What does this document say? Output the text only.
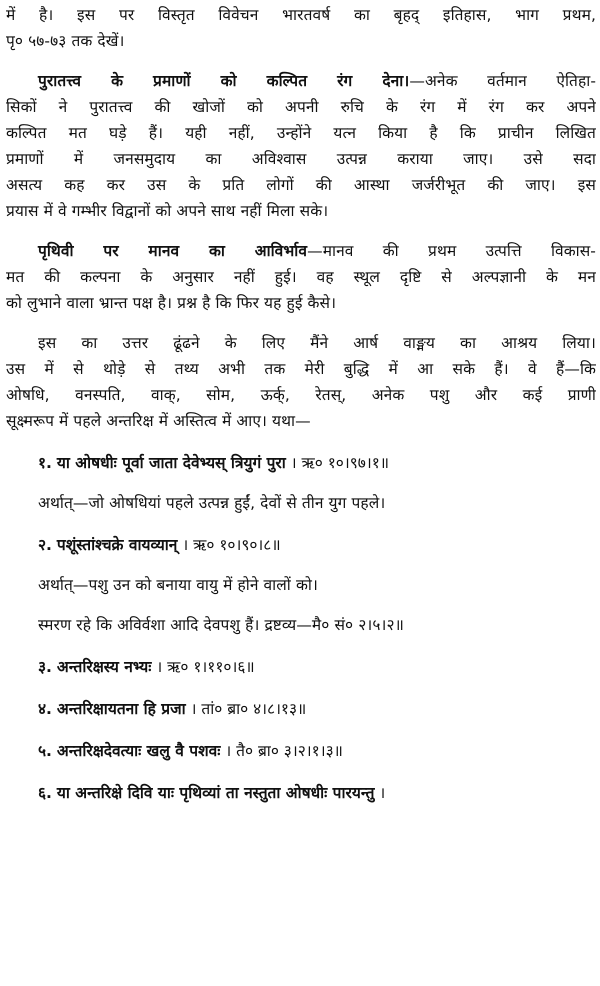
में है। इस पर विस्तृत विवेचन भारतवर्ष का बृहद्‌ इतिहास, भाग प्रथम,
पृ० ५७-७३ तक देखें।
पुरातत्त्व के प्रमाणों को कल्पित रंग देना।—अनेक वर्तमान ऐतिहा-
सिकों ने पुरातत्त्व की खोजों को अपनी रुचि के रंग में रंग कर अपने
कल्पित मत घड़े हैं। यही नहीं, उन्होंने यत्न किया है कि प्राचीन लिखित
प्रमाणों में जनसमुदाय का अविश्वास उत्पन्न कराया जाए। उसे सदा
असत्य कह कर उस के प्रति लोगों की आस्था जर्जरीभूत की जाए। इस
प्रयास में वे गम्भीर विद्वानों को अपने साथ नहीं मिला सके।
पृथिवी पर मानव का आविर्भाव—मानव की प्रथम उत्पत्ति विकास-
मत की कल्पना के अनुसार नहीं हुई। वह स्थूल दृष्टि से अल्पज्ञानी के मन
को लुभाने वाला भ्रान्त पक्ष है। प्रश्न है कि फिर यह हुई कैसे।
इस का उत्तर ढूंढने के लिए मैंने आर्ष वाङ्मय का आश्रय लिया।
उस में से थोड़े से तथ्य अभी तक मेरी बुद्धि में आ सके हैं। वे हैं—कि
ओषधि, वनस्पति, वाक्, सोम, ऊर्क्, रेतस्, अनेक पशु और कई प्राणी
सूक्ष्मरूप में पहले अन्तरिक्ष में अस्तित्व में आए। यथा—
१. या ओषधीः पूर्वा जाता देवेभ्यस् त्रियुगं पुरा । ऋ० १०।९७।१॥
अर्थात्—जो ओषधियां पहले उत्पन्न हुईं, देवों से तीन युग पहले।
२. पशूंस्तांश्चक्रे वायव्यान् । ऋ० १०।९०।८॥
अर्थात्—पशु उन को बनाया वायु में होने वालों को।
स्मरण रहे कि अविर्वशा आदि देवपशु हैं। द्रष्टव्य—मै० सं० २।५।२॥
३. अन्तरिक्षस्य नभ्यः । ऋ० १।११०।६॥
४. अन्तरिक्षायतना हि प्रजा । तां० ब्रा० ४।८।१३॥
५. अन्तरिक्षदेवत्याः खलु वै पशवः । तै० ब्रा० ३।२।१।३॥
६. या अन्तरिक्षे दिवि याः पृथिव्यां ता नस्तुता ओषधीः पारयन्तु ।
